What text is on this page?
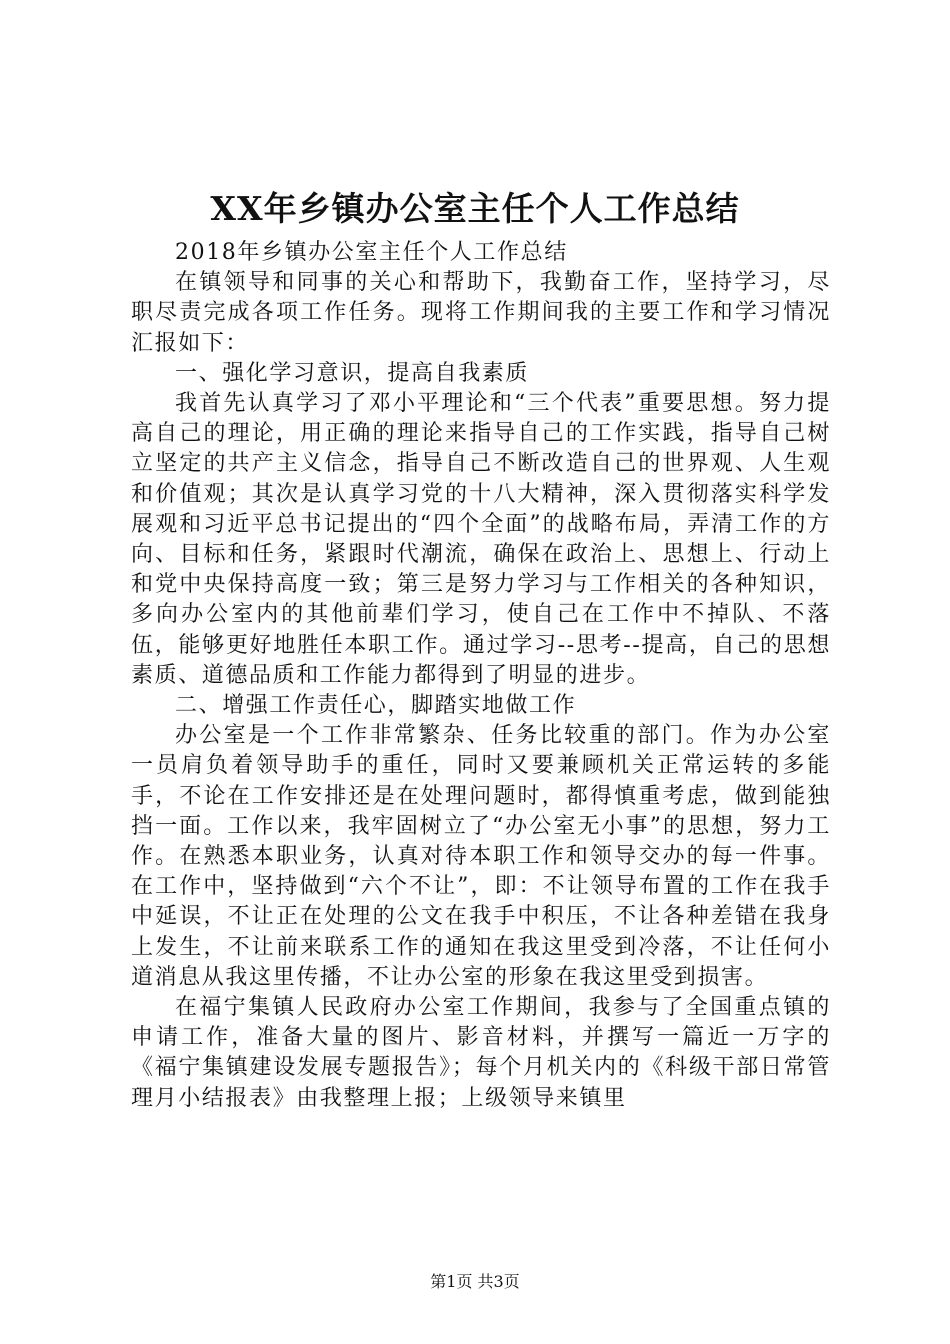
XX年乡镇办公室主任个人工作总结

2018年乡镇办公室主任个人工作总结

在镇领导和同事的关心和帮助下，我勤奋工作，坚持学习，尽职尽责完成各项工作任务。现将工作期间我的主要工作和学习情况汇报如下：

一、强化学习意识，提高自我素质

我首先认真学习了邓小平理论和“三个代表”重要思想。努力提高自己的理论，用正确的理论来指导自己的工作实践，指导自己树立坚定的共产主义信念，指导自己不断改造自己的世界观、人生观和价值观；其次是认真学习党的十八大精神，深入贯彻落实科学发展观和习近平总书记提出的“四个全面”的战略布局，弄清工作的方向、目标和任务，紧跟时代潮流，确保在政治上、思想上、行动上和党中央保持高度一致；第三是努力学习与工作相关的各种知识，多向办公室内的其他前辈们学习，使自己在工作中不掉队、不落伍，能够更好地胜任本职工作。通过学习--思考--提高，自己的思想素质、道德品质和工作能力都得到了明显的进步。

二、增强工作责任心，脚踏实地做工作

办公室是一个工作非常繁杂、任务比较重的部门。作为办公室一员肩负着领导助手的重任，同时又要兼顾机关正常运转的多能手，不论在工作安排还是在处理问题时，都得慎重考虑，做到能独挡一面。工作以来，我牢固树立了“办公室无小事”的思想，努力工作。在熟悉本职业务，认真对待本职工作和领导交办的每一件事。在工作中，坚持做到“六个不让”，即：不让领导布置的工作在我手中延误，不让正在处理的公文在我手中积压，不让各种差错在我身上发生，不让前来联系工作的通知在我这里受到冷落，不让任何小道消息从我这里传播，不让办公室的形象在我这里受到损害。

在福宁集镇人民政府办公室工作期间，我参与了全国重点镇的申请工作，准备大量的图片、影音材料，并撰写一篇近一万字的《福宁集镇建设发展专题报告》；每个月机关内的《科级干部日常管理月小结报表》由我整理上报；上级领导来镇里

第1页 共3页
